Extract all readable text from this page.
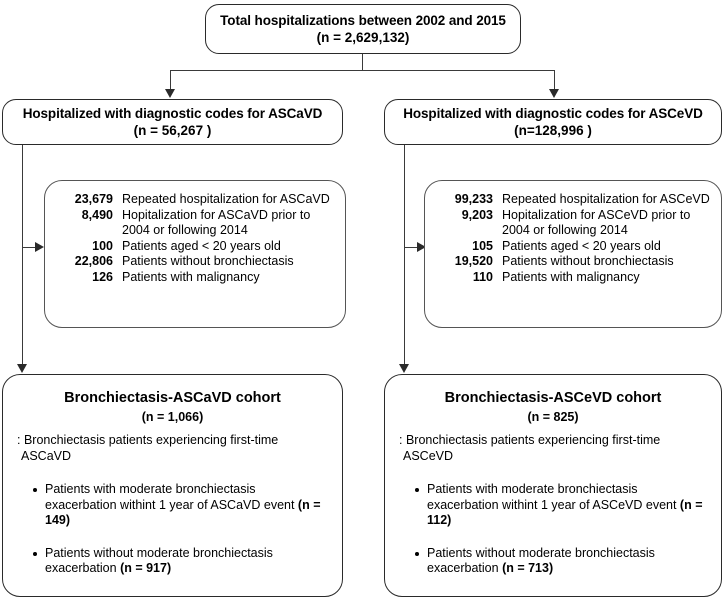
Total hospitalizations between 2002 and 2015
(n = 2,629,132)
Hospitalized with diagnostic codes for ASCaVD
(n = 56,267 )
Hospitalized with diagnostic codes for ASCeVD
(n=128,996 )
23,679 Repeated hospitalization for ASCaVD
8,490 Hopitalization for ASCaVD prior to 2004 or following 2014
100 Patients aged < 20 years old
22,806 Patients without bronchiectasis
126 Patients with malignancy
99,233 Repeated hospitalization for ASCeVD
9,203 Hopitalization for ASCeVD prior to 2004 or following 2014
105 Patients aged < 20 years old
19,520 Patients without bronchiectasis
110 Patients with malignancy
Bronchiectasis-ASCaVD cohort
(n = 1,066)
: Bronchiectasis patients experiencing first-time ASCaVD
Patients with moderate bronchiectasis exacerbation withint 1 year of ASCaVD event (n = 149)
Patients without moderate bronchiectasis exacerbation (n = 917)
Bronchiectasis-ASCeVD cohort
(n = 825)
: Bronchiectasis patients experiencing first-time ASCeVD
Patients with moderate bronchiectasis exacerbation withint 1 year of ASCeVD event (n = 112)
Patients without moderate bronchiectasis exacerbation (n = 713)
